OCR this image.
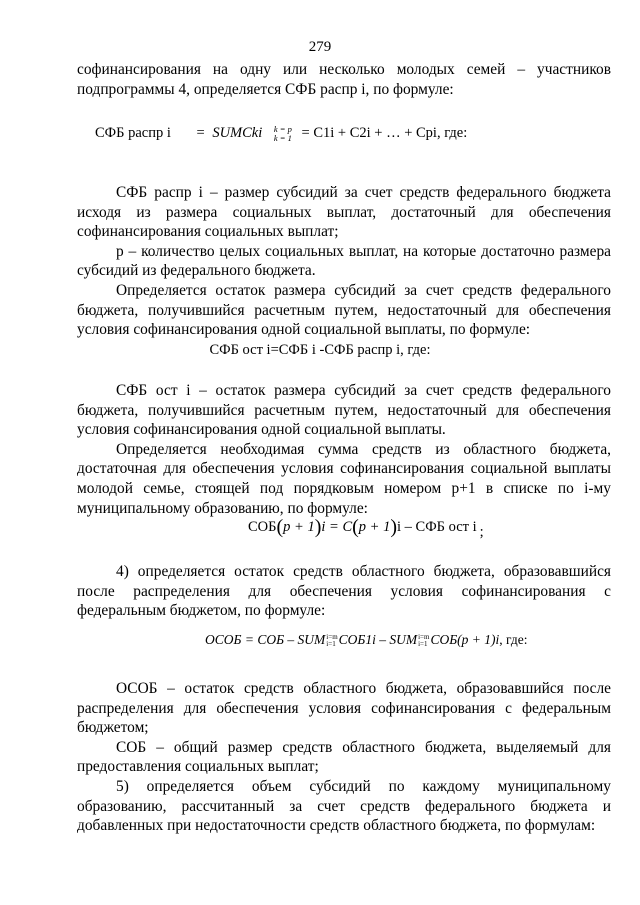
279

софинансирования на одну или несколько молодых семей – участников подпрограммы 4, определяется СФБ распр i, по формуле:

СФБ распр i = SUMCki k = p
k = 1 = C1i + C2i + … + Cpi, где:

СФБ распр i – размер субсидий за счет средств федерального бюджета исходя из размера социальных выплат, достаточный для обеспечения софинансирования социальных выплат;

p – количество целых социальных выплат, на которые достаточно размера субсидий из федерального бюджета.

Определяется остаток размера субсидий за счет средств федерального бюджета, получившийся расчетным путем, недостаточный для обеспечения условия софинансирования одной социальной выплаты, по формуле:

СФБ ост i=СФБ i -СФБ распр i, где:

СФБ ост i – остаток размера субсидий за счет средств федерального бюджета, получившийся расчетным путем, недостаточный для обеспечения условия софинансирования одной социальной выплаты.

Определяется необходимая сумма средств из областного бюджета, достаточная для обеспечения условия софинансирования социальной выплаты молодой семье, стоящей под порядковым номером p+1 в списке по i-му муниципальному образованию, по формуле:

СОБ(p + 1)i = C(p + 1)i – СФБ ост i ;

4) определяется остаток средств областного бюджета, образовавшийся после распределения для обеспечения условия софинансирования с федеральным бюджетом, по формуле:

ОСОБ = СОБ – SUMi=m
i=1 СОБ1i – SUMi=m
i=1 СОБ(p + 1)i, где:

ОСОБ – остаток средств областного бюджета, образовавшийся после распределения для обеспечения условия софинансирования с федеральным бюджетом;

СОБ – общий размер средств областного бюджета, выделяемый для предоставления социальных выплат;

5) определяется объем субсидий по каждому муниципальному образованию, рассчитанный за счет средств федерального бюджета и добавленных при недостаточности средств областного бюджета, по формулам:
